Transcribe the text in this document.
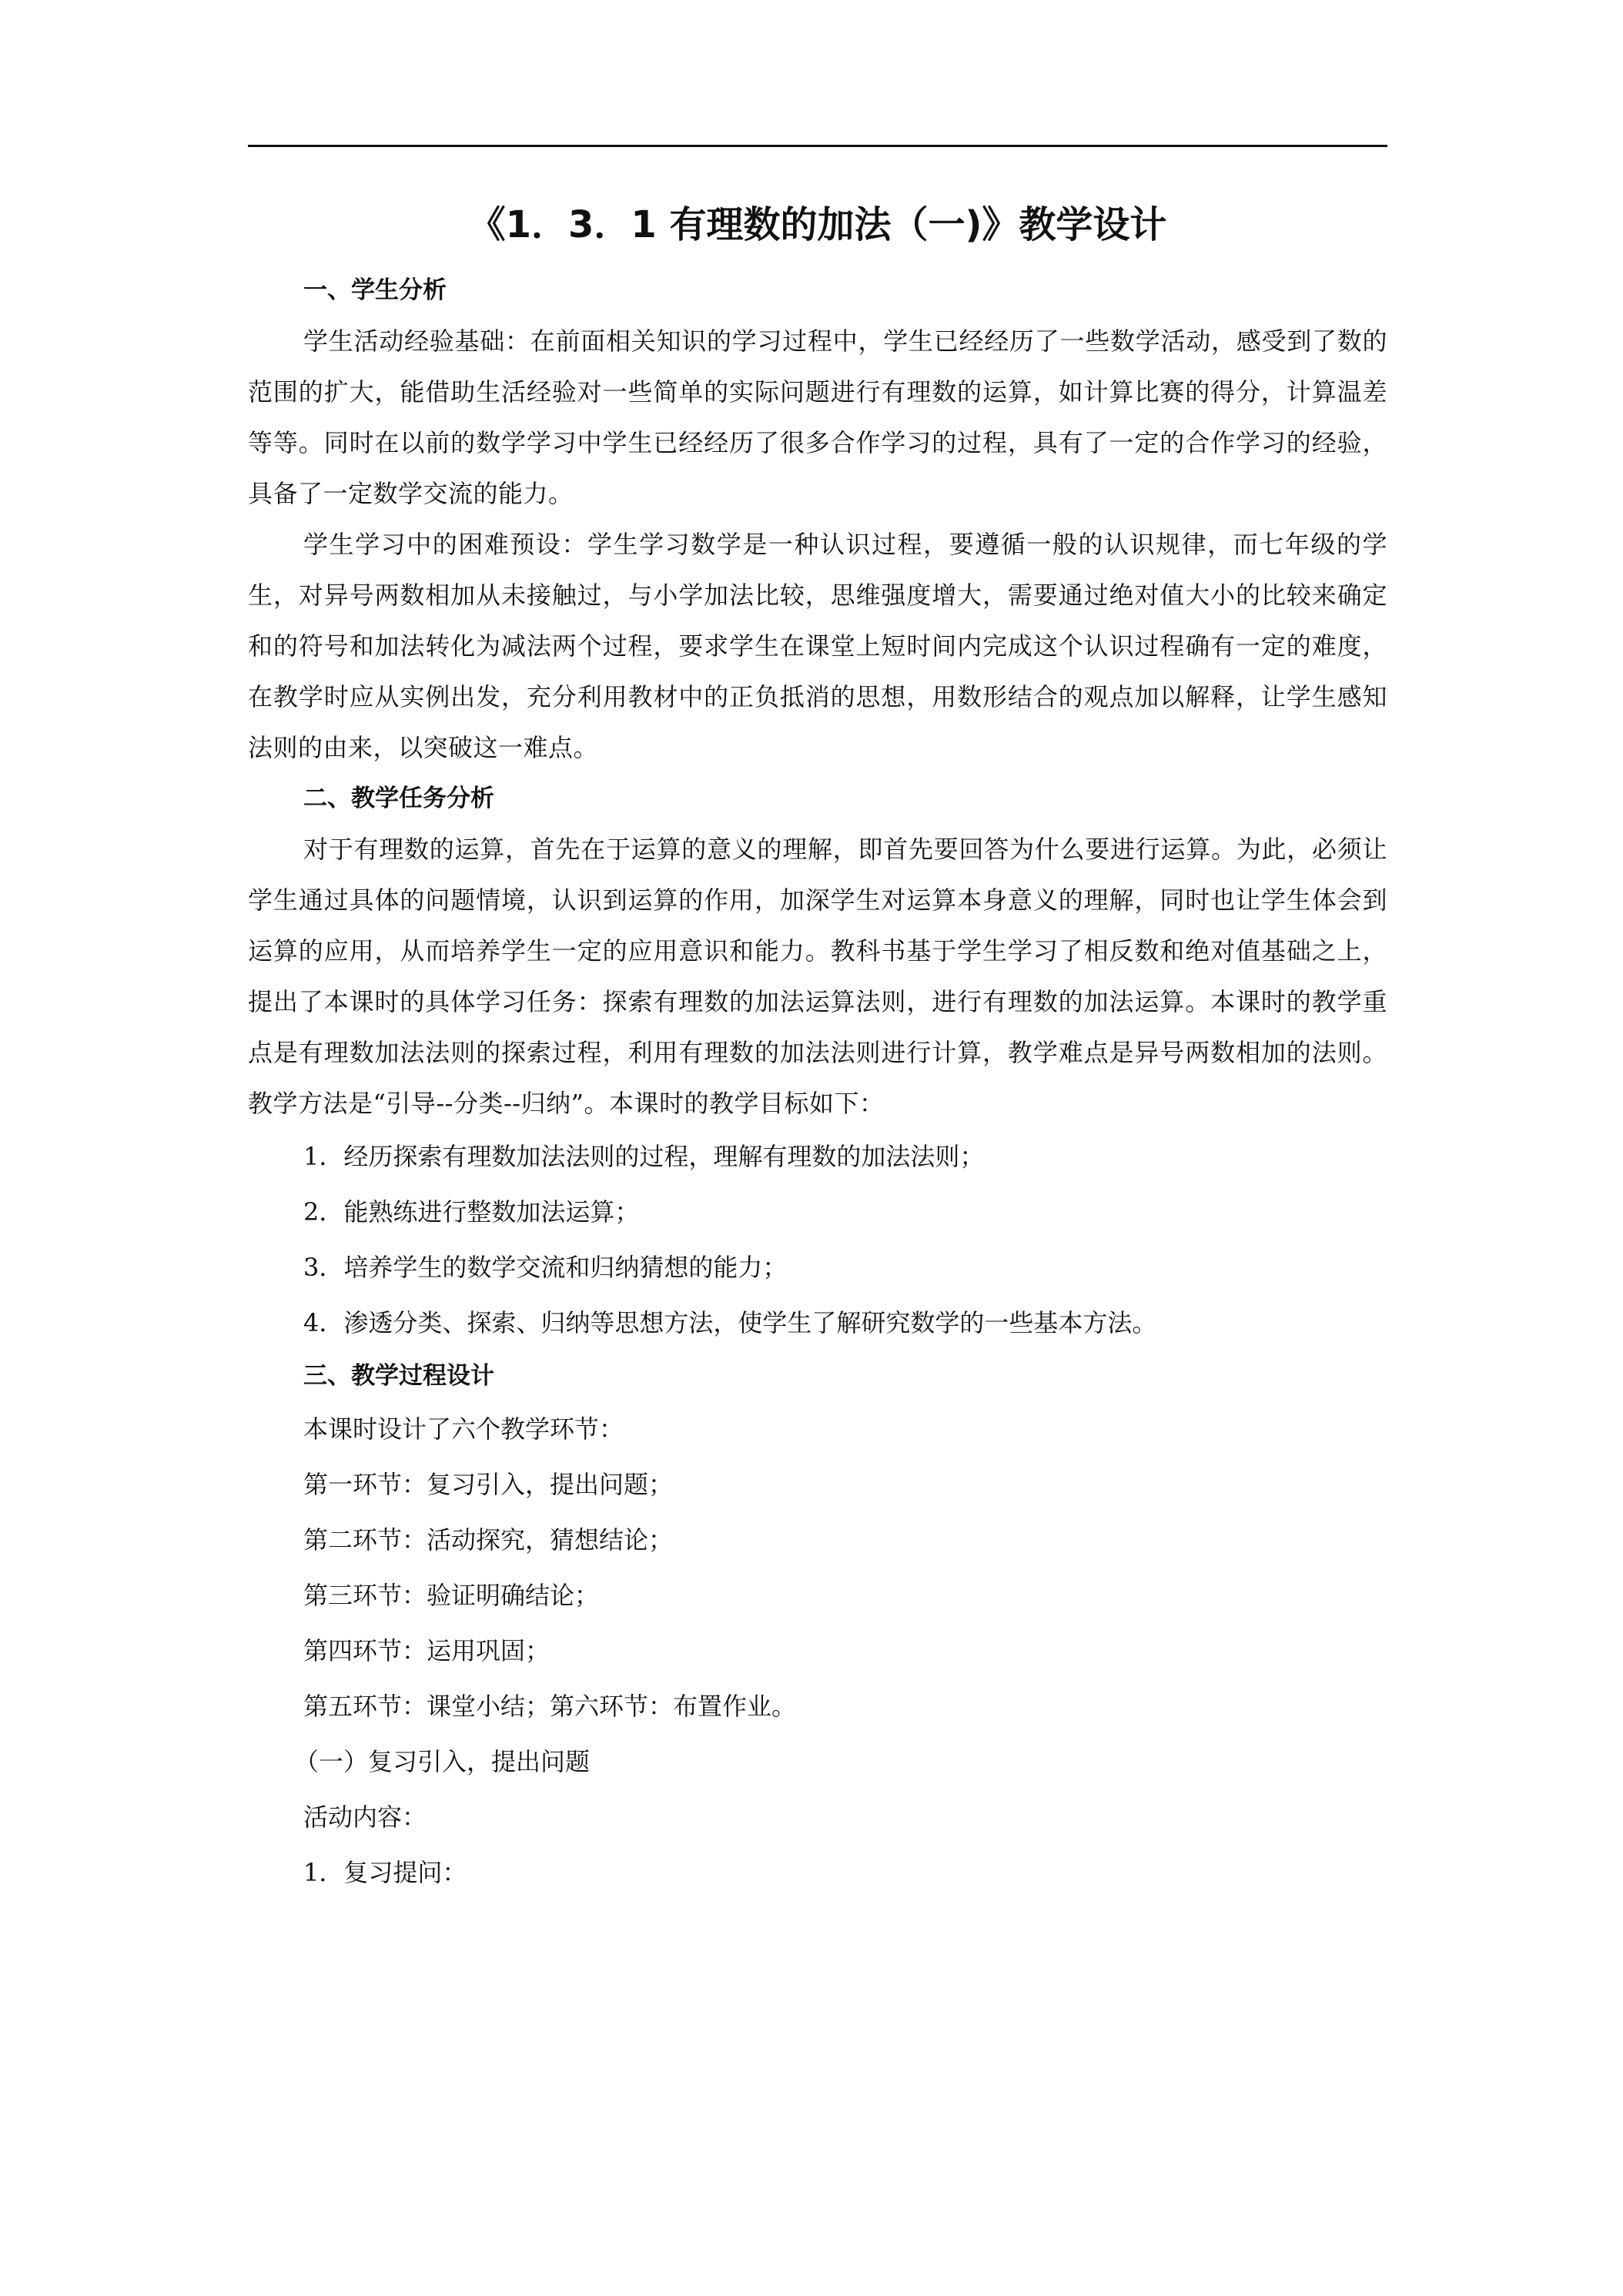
《1．3．1 有理数的加法（一)》教学设计
一、学生分析

学生活动经验基础：在前面相关知识的学习过程中，学生已经经历了一些数学活动，感受到了数的范围的扩大，能借助生活经验对一些简单的实际问题进行有理数的运算，如计算比赛的得分，计算温差等等。同时在以前的数学学习中学生已经经历了很多合作学习的过程，具有了一定的合作学习的经验，具备了一定数学交流的能力。

学生学习中的困难预设：学生学习数学是一种认识过程，要遵循一般的认识规律，而七年级的学生，对异号两数相加从未接触过，与小学加法比较，思维强度增大，需要通过绝对值大小的比较来确定和的符号和加法转化为减法两个过程，要求学生在课堂上短时间内完成这个认识过程确有一定的难度，在教学时应从实例出发，充分利用教材中的正负抵消的思想，用数形结合的观点加以解释，让学生感知法则的由来，以突破这一难点。

二、教学任务分析

对于有理数的运算，首先在于运算的意义的理解，即首先要回答为什么要进行运算。为此，必须让学生通过具体的问题情境，认识到运算的作用，加深学生对运算本身意义的理解，同时也让学生体会到运算的应用，从而培养学生一定的应用意识和能力。教科书基于学生学习了相反数和绝对值基础之上，提出了本课时的具体学习任务：探索有理数的加法运算法则，进行有理数的加法运算。本课时的教学重点是有理数加法法则的探索过程，利用有理数的加法法则进行计算，教学难点是异号两数相加的法则。教学方法是“引导--分类--归纳”。本课时的教学目标如下：

1．经历探索有理数加法法则的过程，理解有理数的加法法则；
2．能熟练进行整数加法运算；
3．培养学生的数学交流和归纳猜想的能力；
4．渗透分类、探索、归纳等思想方法，使学生了解研究数学的一些基本方法。
三、教学过程设计
本课时设计了六个教学环节：
第一环节：复习引入，提出问题；
第二环节：活动探究，猜想结论；
第三环节：验证明确结论；
第四环节：运用巩固；
第五环节：课堂小结；第六环节：布置作业。
（一）复习引入，提出问题
活动内容：
1．复习提问：
